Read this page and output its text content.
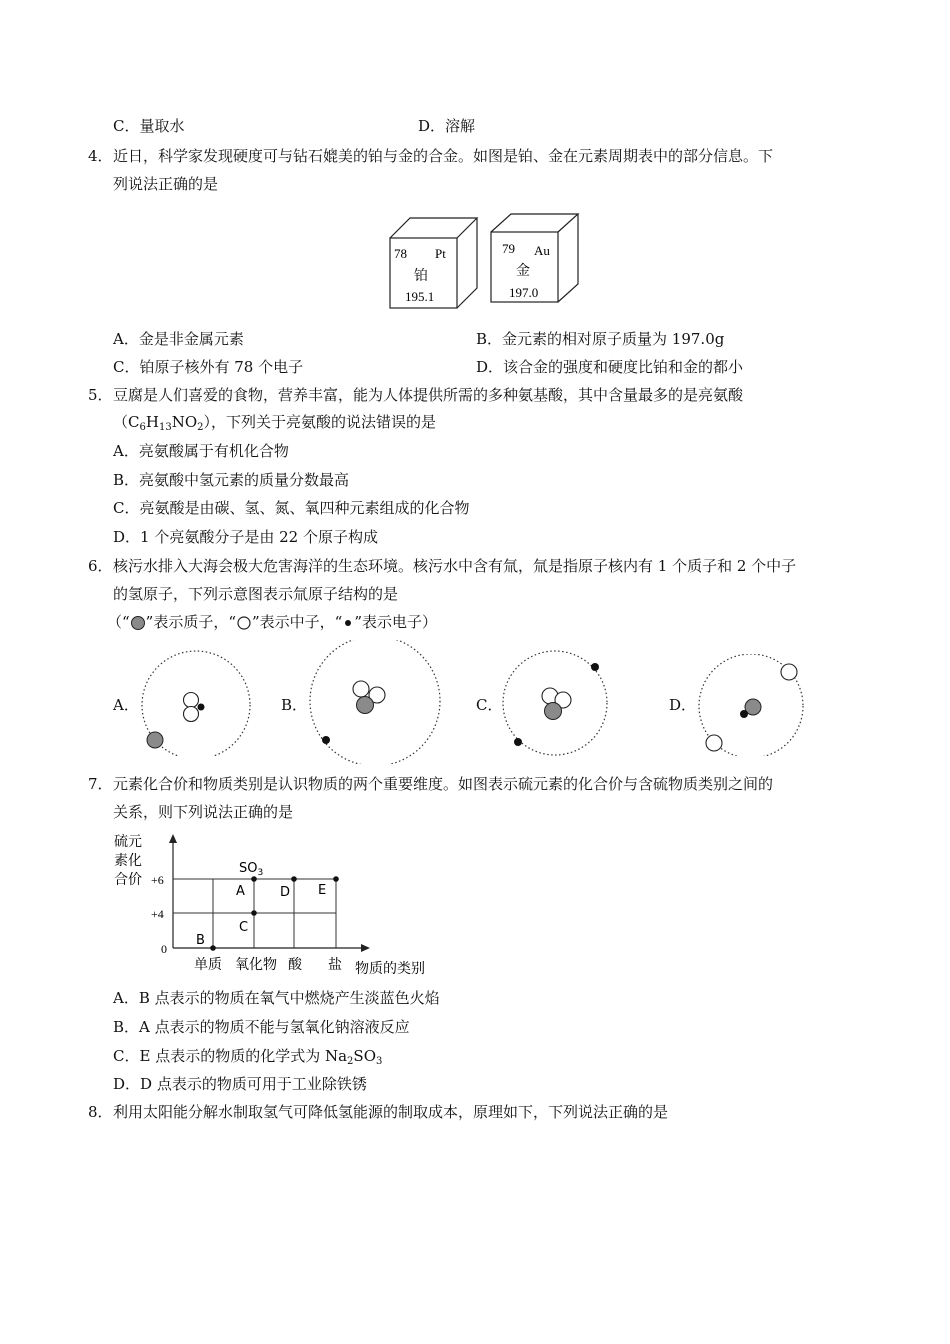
C．量取水	D．溶解
4． 近日，科学家发现硬度可与钻石媲美的铂与金的合金。如图是铂、金在元素周期表中的部分信息。下
列说法正确的是
78 Pt
铂
195.1
79 Au
金
197.0
A．金是非金属元素	B．金元素的相对原子质量为 197.0g
C．铂原子核外有 78 个电子	D．该合金的强度和硬度比铂和金的都小
5． 豆腐是人们喜爱的食物，营养丰富，能为人体提供所需的多种氨基酸，其中含量最多的是亮氨酸
$(C_6H_{13}NO_2)$，下列关于亮氨酸的说法错误的是
A．亮氨酸属于有机化合物
B．亮氨酸中氢元素的质量分数最高
C．亮氨酸是由碳、氢、氮、氧四种元素组成的化合物
D．1 个亮氨酸分子是由 22 个原子构成
6． 核污水排入大海会极大危害海洋的生态环境。核污水中含有氚，氚是指原子核内有 1 个质子和 2 个中子
的氢原子，下列示意图表示氚原子结构的是
（“ ”表示质子，“ ”表示中子，“ ”表示电子）
A．	B．	C．	D．
7． 元素化合价和物质类别是认识物质的两个重要维度。如图表示硫元素的化合价与含硫物质类别之间的
关系，则下列说法正确的是
硫元
素化
合价 +6
+4
0
单质 氧化物 酸 盐 物质的类别
$SO_3$
A
B
C
D E
A．B 点表示的物质在氧气中燃烧产生淡蓝色火焰
B．A 点表示的物质不能与氢氧化钠溶液反应
C．E 点表示的物质的化学式为 $Na_2SO_3$
D．D 点表示的物质可用于工业除铁锈
8． 利用太阳能分解水制取氢气可降低氢能源的制取成本，原理如下，下列说法正确的是
